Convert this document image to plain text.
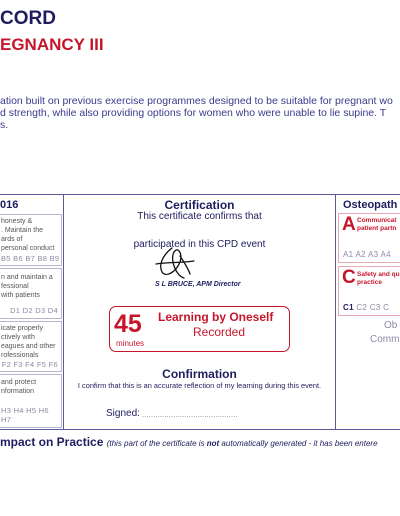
CORD
EGNANCY III
ation built on previous exercise programmes designed to be suitable for pregnant wo
d strength, while also providing options for women who were unable to lie supine. T
s.
016
honesty &
. Maintain the
ards of
personal conduct
B5 B6 B7 B8 B9
n and maintain a
fessional
with patients
D1 D2 D3 D4
icate properly
ctively with
eagues and other
rofessionals
F2 F3 F4 F5 F6
and protect
nformation
H3 H4 H5 H6 H7
Certification
This certificate confirms that
participated in this CPD event
S L BRUCE, APM Director
45
minutes
Learning by Oneself
Recorded
Confirmation
I confirm that this is an accurate reflection of my learning during this event.
Signed: ...........................................
Osteopath
A Communicat
patient partn
A1 A2 A3 A4
C Safety and qu
practice
C1 C2 C3 C
Ob
Comm
mpact on Practice (this part of the certificate is not automatically generated - it has been entere
